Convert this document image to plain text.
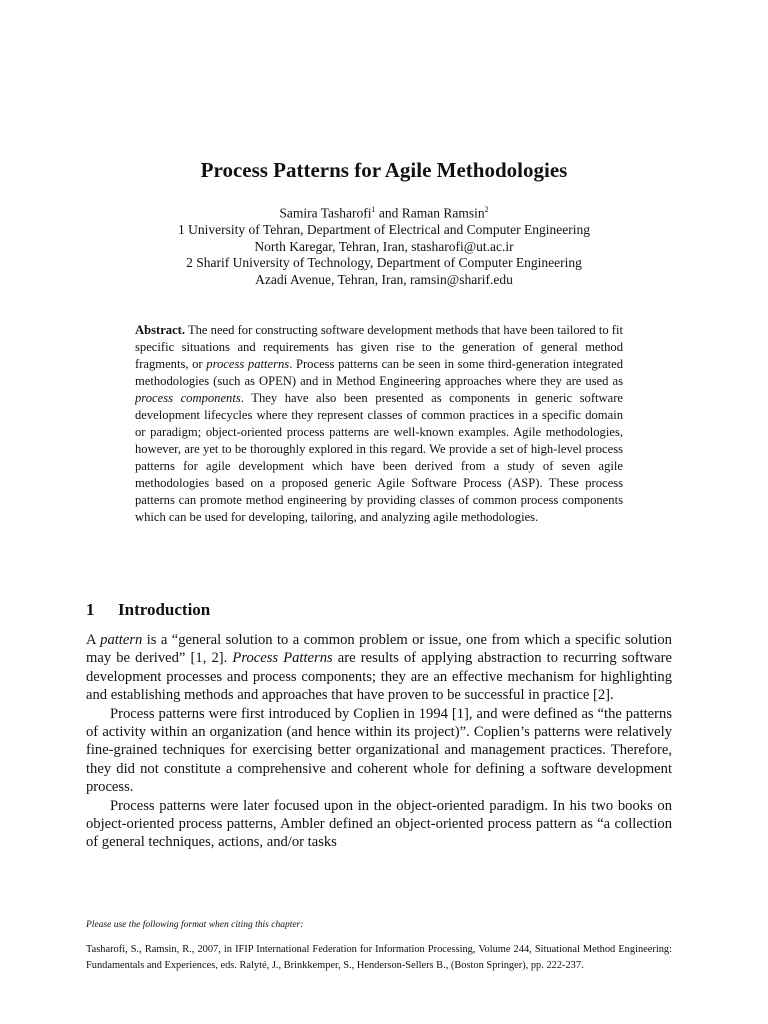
Process Patterns for Agile Methodologies
Samira Tasharofi$^1$ and Raman Ramsin$^2$
1 University of Tehran, Department of Electrical and Computer Engineering
North Karegar, Tehran, Iran, stasharofi@ut.ac.ir
2 Sharif University of Technology, Department of Computer Engineering
Azadi Avenue, Tehran, Iran, ramsin@sharif.edu
Abstract. The need for constructing software development methods that have been tailored to fit specific situations and requirements has given rise to the generation of general method fragments, or process patterns. Process patterns can be seen in some third-generation integrated methodologies (such as OPEN) and in Method Engineering approaches where they are used as process components. They have also been presented as components in generic software development lifecycles where they represent classes of common practices in a specific domain or paradigm; object-oriented process patterns are well-known examples. Agile methodologies, however, are yet to be thoroughly explored in this regard. We provide a set of high-level process patterns for agile development which have been derived from a study of seven agile methodologies based on a proposed generic Agile Software Process (ASP). These process patterns can promote method engineering by providing classes of common process components which can be used for developing, tailoring, and analyzing agile methodologies.
1 Introduction

A pattern is a “general solution to a common problem or issue, one from which a specific solution may be derived” [1, 2]. Process Patterns are results of applying abstraction to recurring software development processes and process components; they are an effective mechanism for highlighting and establishing methods and approaches that have proven to be successful in practice [2].

Process patterns were first introduced by Coplien in 1994 [1], and were defined as “the patterns of activity within an organization (and hence within its project)”. Coplien’s patterns were relatively fine-grained techniques for exercising better organizational and management practices. Therefore, they did not constitute a comprehensive and coherent whole for defining a software development process.

Process patterns were later focused upon in the object-oriented paradigm. In his two books on object-oriented process patterns, Ambler defined an object-oriented process pattern as “a collection of general techniques, actions, and/or tasks

Please use the following format when citing this chapter:
Tasharofi, S., Ramsin, R., 2007, in IFIP International Federation for Information Processing, Volume 244, Situational Method Engineering: Fundamentals and Experiences, eds. Ralyté, J., Brinkkemper, S., Henderson-Sellers B., (Boston Springer), pp. 222-237.
